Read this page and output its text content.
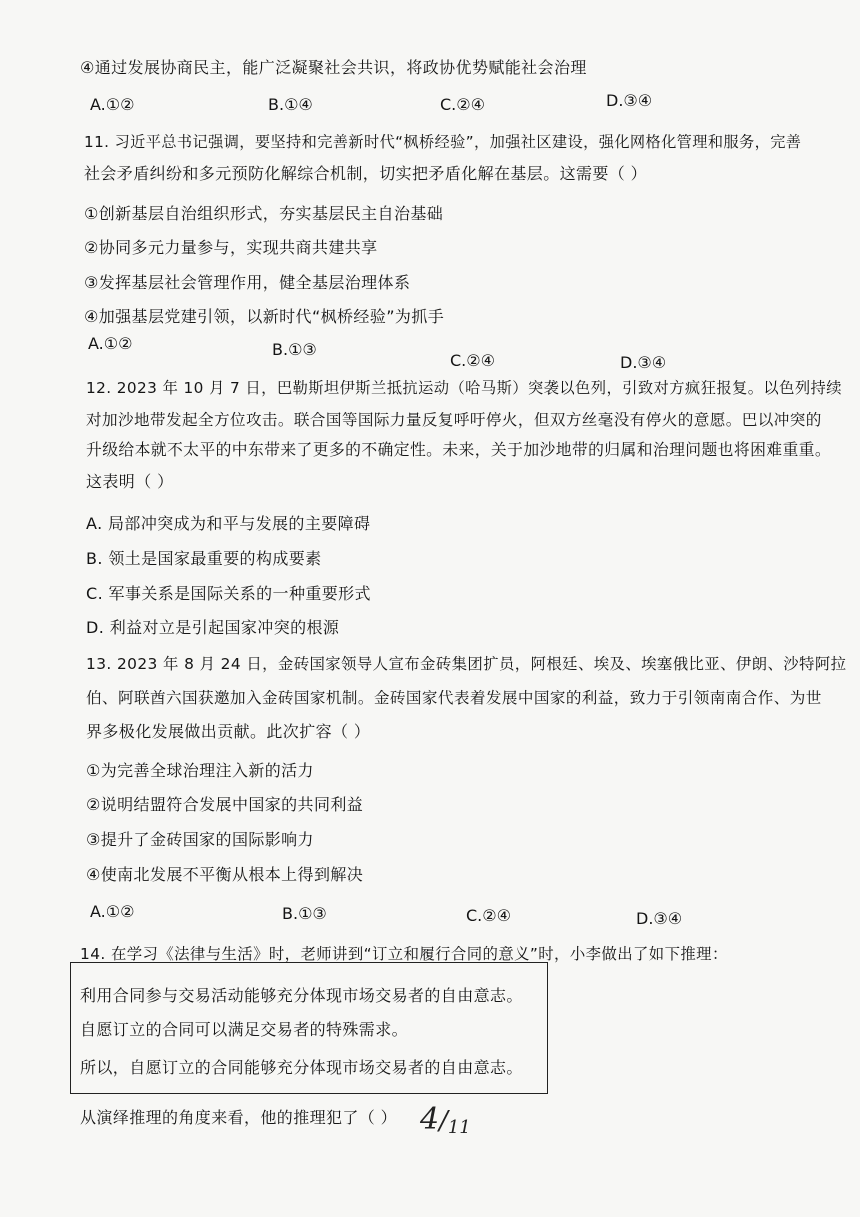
④通过发展协商民主，能广泛凝聚社会共识，将政协优势赋能社会治理
A.①②	B.①④	C.②④	D.③④
11. 习近平总书记强调，要坚持和完善新时代“枫桥经验”，加强社区建设，强化网格化管理和服务，完善
社会矛盾纠纷和多元预防化解综合机制，切实把矛盾化解在基层。这需要（ ）
①创新基层自治组织形式，夯实基层民主自治基础
②协同多元力量参与，实现共商共建共享
③发挥基层社会管理作用，健全基层治理体系
④加强基层党建引领，以新时代“枫桥经验”为抓手
A.①②	B.①③
C.②④	D.③④
12. 2023 年 10 月 7 日，巴勒斯坦伊斯兰抵抗运动（哈马斯）突袭以色列，引致对方疯狂报复。以色列持续
对加沙地带发起全方位攻击。联合国等国际力量反复呼吁停火，但双方丝毫没有停火的意愿。巴以冲突的
升级给本就不太平的中东带来了更多的不确定性。未来，关于加沙地带的归属和治理问题也将困难重重。
这表明（ ）
A. 局部冲突成为和平与发展的主要障碍
B. 领土是国家最重要的构成要素
C. 军事关系是国际关系的一种重要形式
D. 利益对立是引起国家冲突的根源
13. 2023 年 8 月 24 日，金砖国家领导人宣布金砖集团扩员，阿根廷、埃及、埃塞俄比亚、伊朗、沙特阿拉
伯、阿联酋六国获邀加入金砖国家机制。金砖国家代表着发展中国家的利益，致力于引领南南合作、为世
界多极化发展做出贡献。此次扩容（ ）
①为完善全球治理注入新的活力
②说明结盟符合发展中国家的共同利益
③提升了金砖国家的国际影响力
④使南北发展不平衡从根本上得到解决
A.①②	B.①③	C.②④	D.③④
14. 在学习《法律与生活》时，老师讲到“订立和履行合同的意义”时，小李做出了如下推理：
利用合同参与交易活动能够充分体现市场交易者的自由意志。
自愿订立的合同可以满足交易者的特殊需求。
所以，自愿订立的合同能够充分体现市场交易者的自由意志。
从演绎推理的角度来看，他的推理犯了（ ） 4/11
